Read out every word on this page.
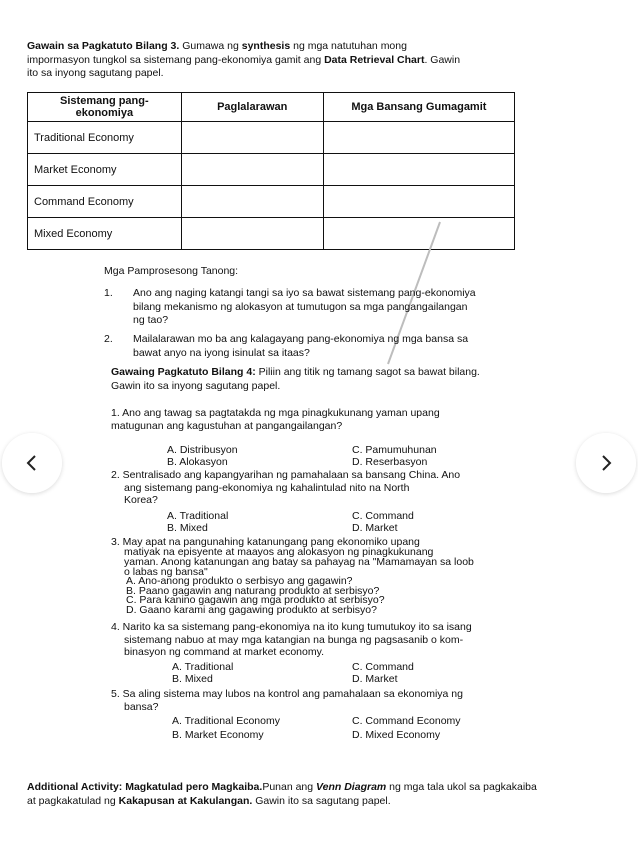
Gawain sa Pagkatuto Bilang 3. Gumawa ng synthesis ng mga natutuhan mong
impormasyon tungkol sa sistemang pang-ekonomiya gamit ang Data Retrieval Chart. Gawin
ito sa inyong sagutang papel.
Sistemang pang-ekonomiya	Paglalarawan	Mga Bansang Gumagamit
Traditional Economy		
Market Economy		
Command Economy		
Mixed Economy		
Mga Pamprosesong Tanong:
1. Ano ang naging katangi tangi sa iyo sa bawat sistemang pang-ekonomiya
bilang mekanismo ng alokasyon at tumutugon sa mga pangangailangan
ng tao?
2. Mailalarawan mo ba ang kalagayang pang-ekonomiya ng mga bansa sa
bawat anyo na iyong isinulat sa itaas?
Gawaing Pagkatuto Bilang 4: Piliin ang titik ng tamang sagot sa bawat bilang.
Gawin ito sa inyong sagutang papel.
1. Ano ang tawag sa pagtatakda ng mga pinagkukunang yaman upang
matugunan ang kagustuhan at pangangailangan?
A. Distribusyon	C. Pamumuhunan
B. Alokasyon	D. Reserbasyon
2. Sentralisado ang kapangyarihan ng pamahalaan sa bansang China. Ano
ang sistemang pang-ekonomiya ng kahalintulad nito na North
Korea?
A. Traditional	C. Command
B. Mixed	D. Market
3. May apat na pangunahing katanungang pang ekonomiko upang
matiyak na episyente at maayos ang alokasyon ng pinagkukunang
yaman. Anong katanungan ang batay sa pahayag na "Mamamayan sa loob
o labas ng bansa"
A. Ano-anong produkto o serbisyo ang gagawin?
B. Paano gagawin ang naturang produkto at serbisyo?
C. Para kanino gagawin ang mga produkto at serbisyo?
D. Gaano karami ang gagawing produkto at serbisyo?
4. Narito ka sa sistemang pang-ekonomiya na ito kung tumutukoy ito sa isang
sistemang nabuo at may mga katangian na bunga ng pagsasanib o kom-
binasyon ng command at market economy.
A. Traditional	C. Command
B. Mixed	D. Market
5. Sa aling sistema may lubos na kontrol ang pamahalaan sa ekonomiya ng
bansa?
A. Traditional Economy	C. Command Economy
B. Market Economy	D. Mixed Economy
Additional Activity: Magkatulad pero Magkaiba.Punan ang Venn Diagram ng mga tala ukol sa pagkakaiba
at pagkakatulad ng Kakapusan at Kakulangan. Gawin ito sa sagutang papel.
